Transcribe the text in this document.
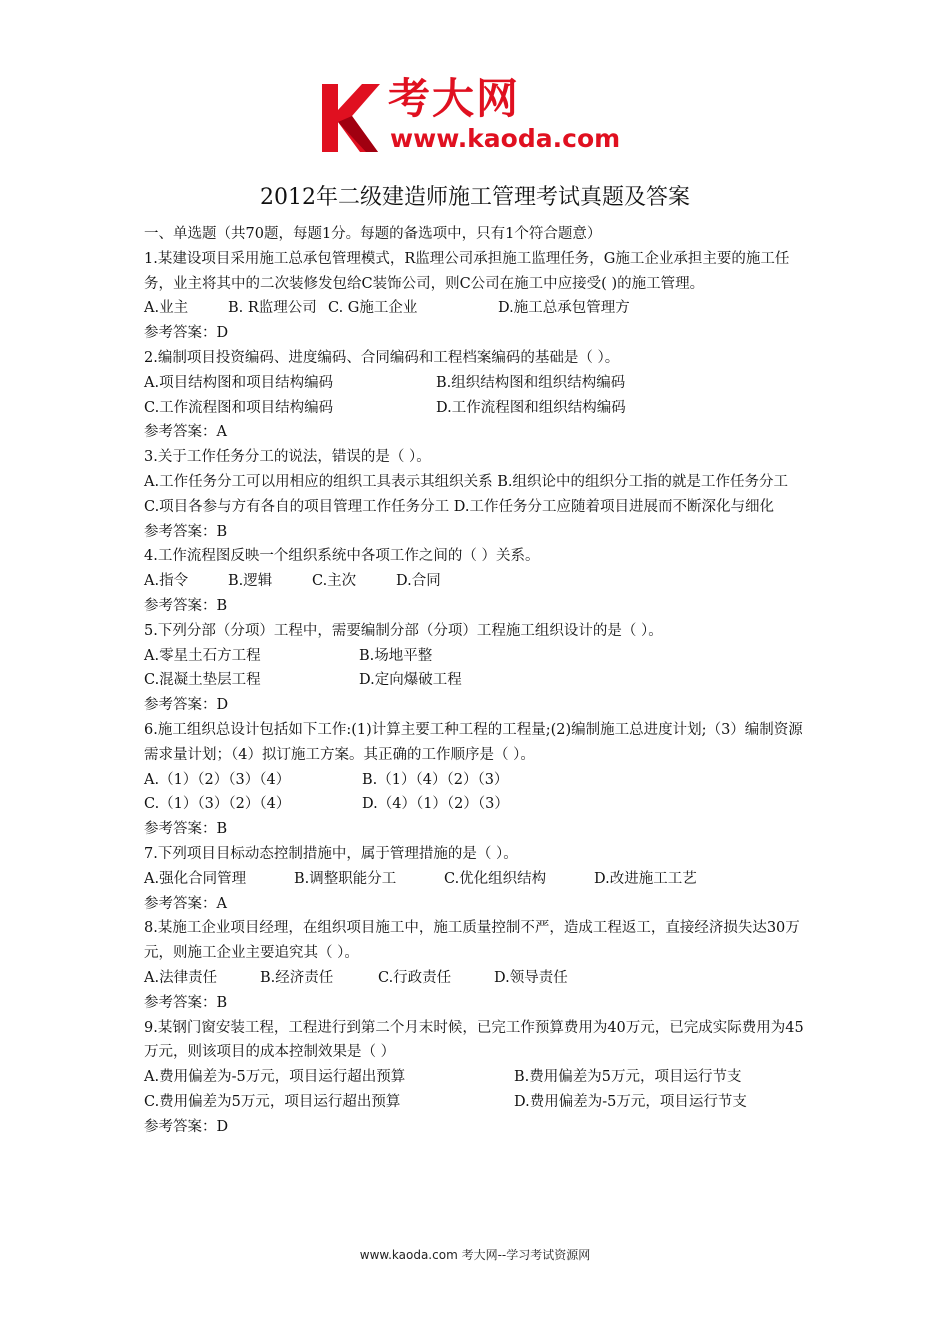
考大网
www.kaoda.com
2012年二级建造师施工管理考试真题及答案
一、单选题（共70题，每题1分。每题的备选项中，只有1个符合题意）
1.某建设项目采用施工总承包管理模式，R监理公司承担施工监理任务，G施工企业承担主要的施工任务，业主将其中的二次装修发包给C装饰公司，则C公司在施工中应接受( )的施工管理。
A.业主	B. R监理公司 C. G施工企业	D.施工总承包管理方
参考答案：D
2.编制项目投资编码、进度编码、合同编码和工程档案编码的基础是（ ）。
A.项目结构图和项目结构编码	B.组织结构图和组织结构编码
C.工作流程图和项目结构编码	D.工作流程图和组织结构编码
参考答案：A
3.关于工作任务分工的说法，错误的是（ ）。
A.工作任务分工可以用相应的组织工具表示其组织关系 B.组织论中的组织分工指的就是工作任务分工
C.项目各参与方有各自的项目管理工作任务分工 D.工作任务分工应随着项目进展而不断深化与细化
参考答案：B
4.工作流程图反映一个组织系统中各项工作之间的（ ）关系。
A.指令	B.逻辑	C.主次	D.合同
参考答案：B
5.下列分部（分项）工程中，需要编制分部（分项）工程施工组织设计的是（ ）。
A.零星土石方工程	B.场地平整
C.混凝土垫层工程	D.定向爆破工程
参考答案：D
6.施工组织总设计包括如下工作:(1)计算主要工种工程的工程量;(2)编制施工总进度计划;（3）编制资源需求量计划；（4）拟订施工方案。其正确的工作顺序是（ ）。
A.（1）（2）（3）（4）	B.（1）（4）（2）（3）
C.（1）（3）（2）（4）	D.（4）（1）（2）（3）
参考答案：B
7.下列项目目标动态控制措施中，属于管理措施的是（ ）。
A.强化合同管理	B.调整职能分工	C.优化组织结构	D.改进施工工艺
参考答案：A
8.某施工企业项目经理，在组织项目施工中，施工质量控制不严，造成工程返工，直接经济损失达30万元，则施工企业主要追究其（ ）。
A.法律责任	B.经济责任	C.行政责任	D.领导责任
参考答案：B
9.某钢门窗安装工程，工程进行到第二个月末时候，已完工作预算费用为40万元，已完成实际费用为45万元，则该项目的成本控制效果是（ ）
A.费用偏差为-5万元，项目运行超出预算	B.费用偏差为5万元，项目运行节支
C.费用偏差为5万元，项目运行超出预算	D.费用偏差为-5万元，项目运行节支
参考答案：D
www.kaoda.com 考大网--学习考试资源网
